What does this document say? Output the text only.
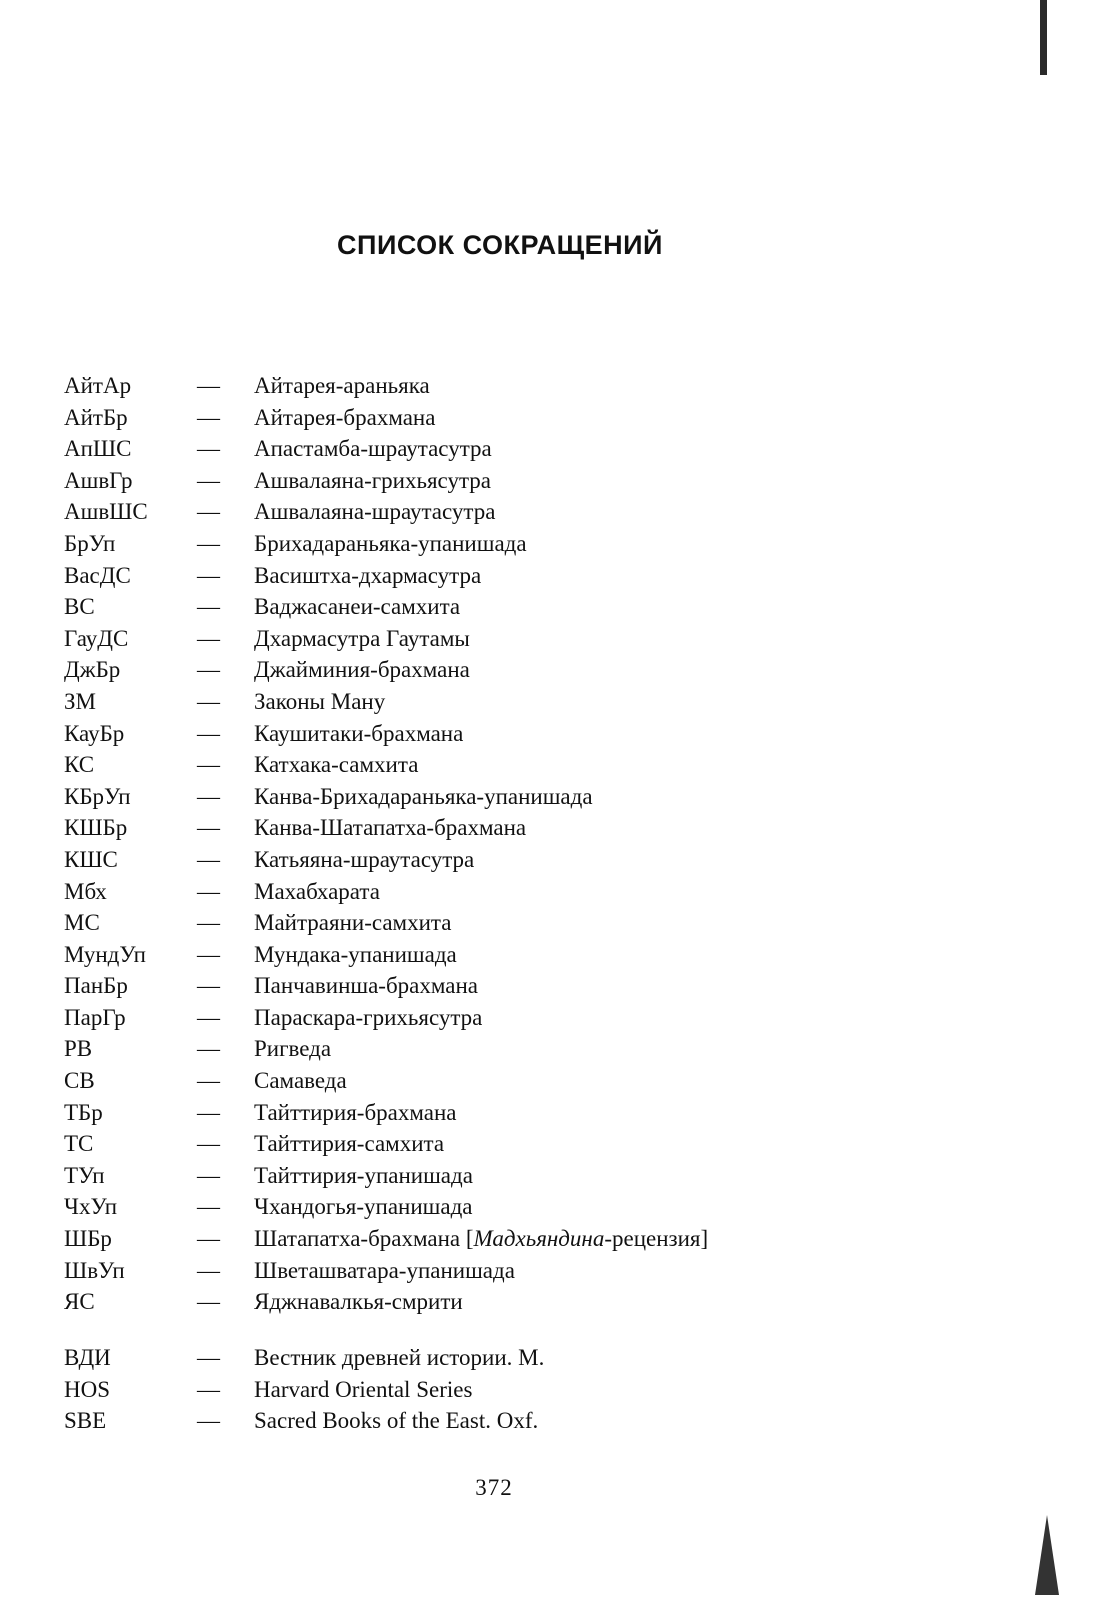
СПИСОК СОКРАЩЕНИЙ
АйтАр	— Айтарея-араньяка
АйтБр	— Айтарея-брахмана
АпШС	— Апастамба-шраутасутра
АшвГр	— Ашвалаяна-грихьясутра
АшвШС — Ашвалаяна-шраутасутра
БрУп	— Брихадараньяка-упанишада
ВасДС	— Васиштха-дхармасутра
ВС	— Ваджасанеи-самхита
ГауДС	— Дхармасутра Гаутамы
ДжБр	— Джайминия-брахмана
ЗМ	— Законы Ману
КауБр	— Каушитаки-брахмана
КС	— Катхака-самхита
КБрУп	— Канва-Брихадараньяка-упанишада
КШБр	— Канва-Шатапатха-брахмана
КШС	— Катьяяна-шраутасутра
Мбх	— Махабхарата
МС	— Майтраяни-самхита
МундУп — Мундака-упанишада
ПанБр	— Панчавинша-брахмана
ПарГр	— Параскара-грихьясутра
РВ	— Ригведа
СВ	— Самаведа
ТБр	— Тайттирия-брахмана
ТС	— Тайттирия-самхита
ТУп	— Тайттирия-упанишада
ЧхУп	— Чхандогья-упанишада
ШБр	— Шатапатха-брахмана [Мадхьяндина-рецензия]
ШвУп	— Шветашватара-упанишада
ЯС	— Яджнавалкья-смрити
ВДИ	— Вестник древней истории. М.
HOS	— Harvard Oriental Series
SBE	— Sacred Books of the East. Oxf.
372
